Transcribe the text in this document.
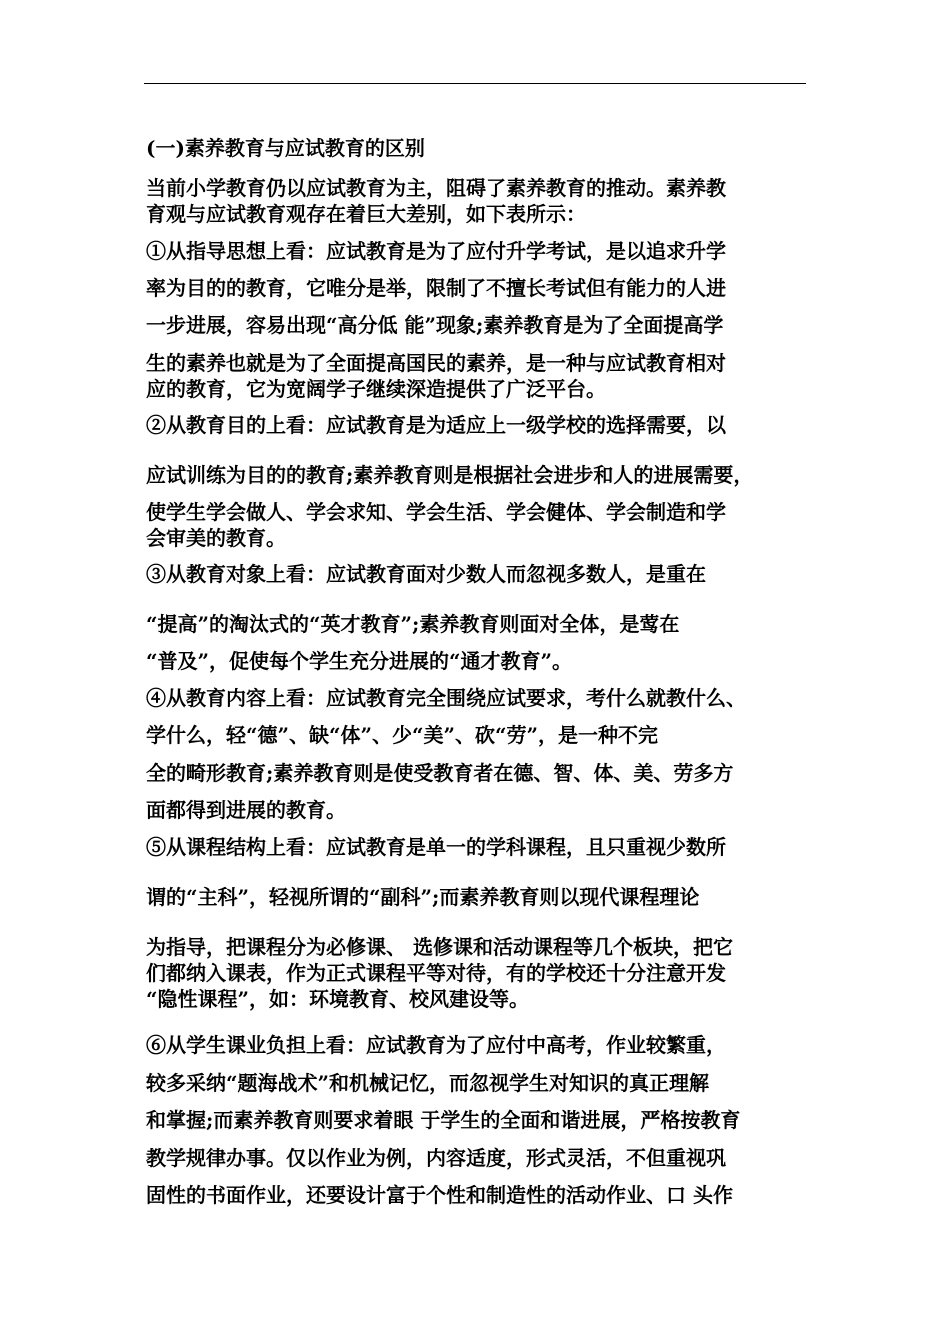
(一)素养教育与应试教育的区别
当前小学教育仍以应试教育为主，阻碍了素养教育的推动。素养教
育观与应试教育观存在着巨大差别，如下表所示：
①从指导思想上看：应试教育是为了应付升学考试，是以追求升学
率为目的的教育，它唯分是举，限制了不擅长考试但有能力的人进
一步进展，容易出现“高分低 能”现象;素养教育是为了全面提高学
生的素养也就是为了全面提高国民的素养，是一种与应试教育相对
应的教育，它为宽阔学子继续深造提供了广泛平台。
②从教育目的上看：应试教育是为适应上一级学校的选择需要，以
应试训练为目的的教育;素养教育则是根据社会进步和人的进展需要，
使学生学会做人、学会求知、学会生活、学会健体、学会制造和学
会审美的教育。
③从教育对象上看：应试教育面对少数人而忽视多数人，是重在
“提高”的淘汰式的“英才教育”;素养教育则面对全体，是莺在
“普及”，促使每个学生充分进展的“通才教育”。
④从教育内容上看：应试教育完全围绕应试要求，考什么就教什么、
学什么，轻“德”、缺“体”、少“美”、砍“劳”，是一种不完
全的畸形教育;素养教育则是使受教育者在德、智、体、美、劳多方
面都得到进展的教育。
⑤从课程结构上看：应试教育是单一的学科课程，且只重视少数所
谓的“主科”，轻视所谓的“副科”;而素养教育则以现代课程理论
为指导，把课程分为必修课、 选修课和活动课程等几个板块，把它
们都纳入课表，作为正式课程平等对待，有的学校还十分注意开发
“隐性课程”，如：环境教育、校风建设等。
⑥从学生课业负担上看：应试教育为了应付中高考，作业较繁重，
较多采纳“题海战术”和机械记忆，而忽视学生对知识的真正理解
和掌握;而素养教育则要求着眼 于学生的全面和谐进展，严格按教育
教学规律办事。仅以作业为例，内容适度，形式灵活，不但重视巩
固性的书面作业，还要设计富于个性和制造性的活动作业、口 头作
